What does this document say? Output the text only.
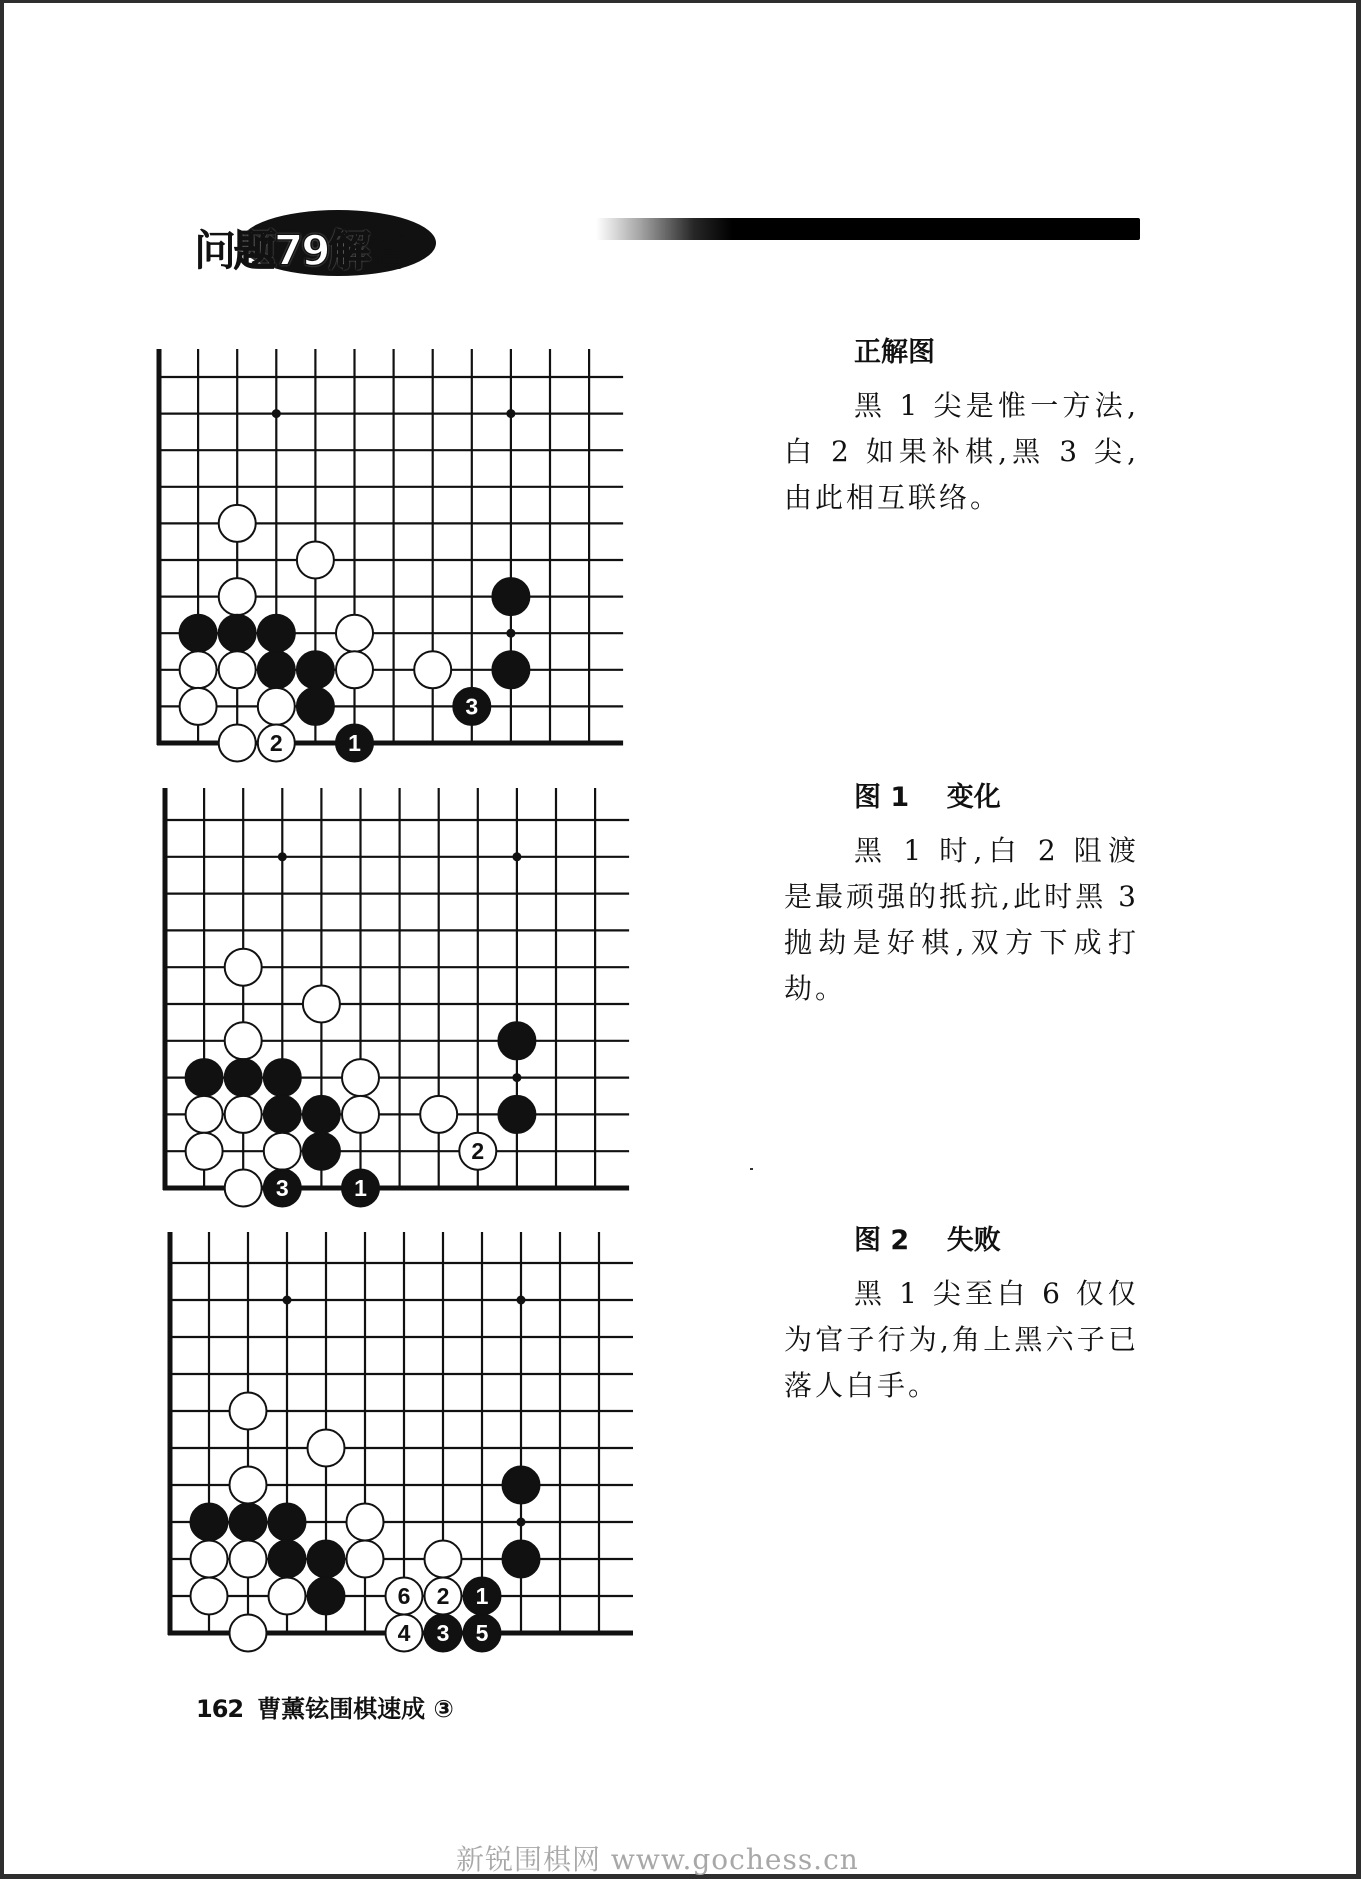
问题79解答
3
2	1
正解图
黑 1 尖是惟一方法,白 2 如果补棋,黑 3 尖,由此相互联络。
2
3	1
图 1    变化
黑 1 时,白 2 阻渡是最顽强的抵抗,此时黑 3 抛劫是好棋,双方下成打劫。
6 2 1
4 3 5
图 2    失败
黑 1 尖至白 6 仅仅为官子行为,角上黑六子已落人白手。
162 曹薰铉围棋速成 ③
新锐围棋网 www.gochess.cn
